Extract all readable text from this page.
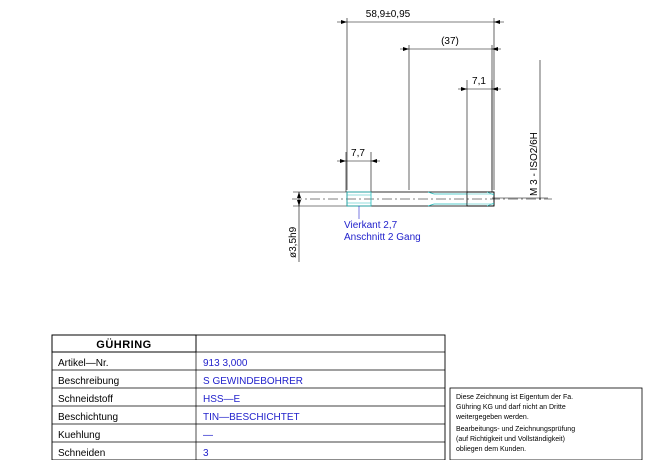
58,9±0,95
(37)
7,1
7,7
ø3,5h9
M 3 - ISO2/6H
Vierkant 2,7
Anschnitt 2 Gang
GÜHRING
Artikel—Nr.
Beschreibung
Schneidstoff
Beschichtung
Kuehlung
Schneiden
913 3,000
S GEWINDEBOHRER
HSS—E
TIN—BESCHICHTET
—
3
Diese Zeichnung ist Eigentum der Fa.
Gühring KG und darf nicht an Dritte
weitergegeben werden.
Bearbeitungs- und Zeichnungsprüfung
(auf Richtigkeit und Vollständigkeit)
obliegen dem Kunden.
